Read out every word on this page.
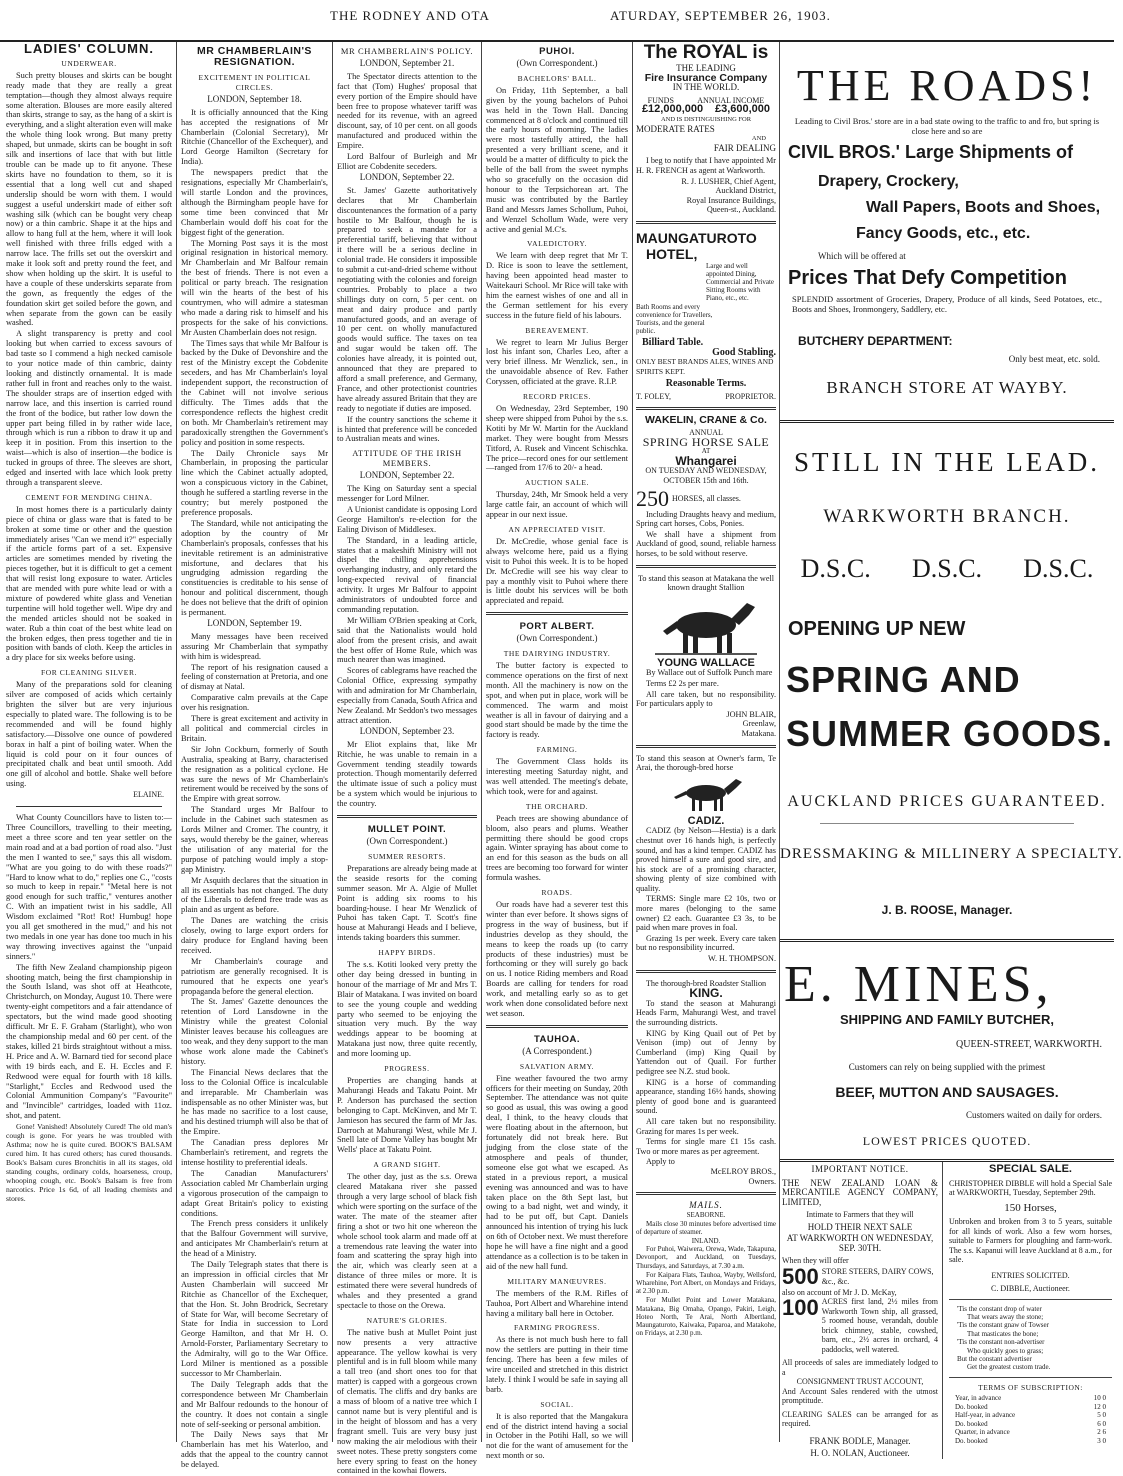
THE RODNEY AND OTA	ATURDAY, SEPTEMBER 26, 1903.
LADIES' COLUMN.
UNDERWEAR.

Such pretty blouses and skirts can be bought ready made that they are really a great temptation—though they almost always require some alteration. Blouses are more easily altered than skirts, strange to say, as the hang of a skirt is everything, and a slight alteration even will make the whole thing look wrong. But many pretty shaped, but unmade, skirts can be bought in soft silk and insertions of lace that with but little trouble can be made up to fit anyone. These skirts have no foundation to them, so it is essential that a long well cut and shaped underslip should be worn with them. I would suggest a useful underskirt made of either soft washing silk (which can be bought very cheap now) or a thin cambric. Shape it at the hips and allow to hang full at the hem, where it will look well finished with three frills edged with a narrow lace. The frills set out the overskirt and make it look soft and pretty round the feet, and show when holding up the skirt. It is useful to have a couple of these underskirts separate from the gown, as frequently the edges of the foundation skirt get soiled before the gown, and when separate from the gown can be easily washed.

A slight transparency is pretty and cool looking but when carried to excess savours of bad taste so I commend a high necked camisole to your notice made of thin cambric, dainty looking and distinctly ornamental. It is made rather full in front and reaches only to the waist. The shoulder straps are of insertion edged with narrow lace, and this insertion is carried round the front of the bodice, but rather low down the upper part being filled in by rather wide lace, through which is run a ribbon to draw it up and keep it in position. From this insertion to the waist—which is also of insertion—the bodice is tucked in groups of three. The sleeves are short, edged and inserted with lace which look pretty through a transparent sleeve.

CEMENT FOR MENDING CHINA.

In most homes there is a particularly dainty piece of china or glass ware that is fated to be broken at some time or other and the question immediately arises "Can we mend it?" especially if the article forms part of a set. Expensive articles are sometimes mended by riveting the pieces together, but it is difficult to get a cement that will resist long exposure to water. Articles that are mended with pure white lead or with a mixture of powdered white glass and Venetian turpentine will hold together well. Wipe dry and the mended articles should not be soaked in water. Rub a thin coat of the best white lead on the broken edges, then press together and tie in position with bands of cloth. Keep the articles in a dry place for six weeks before using.

FOR CLEANING SILVER.

Many of the preparations sold for cleaning silver are composed of acids which certainly brighten the silver but are very injurious especially to plated ware. The following is to be recommended and will be found highly satisfactory.—Dissolve one ounce of powdered borax in half a pint of boiling water. When the liquid is cold pour on it four ounces of precipitated chalk and beat until smooth. Add one gill of alcohol and bottle. Shake well before using.

ELAINE.

What County Councillors have to listen to:—Three Councillors, travelling to their meeting, meet a three score and ten year settler on the main road and at a bad portion of road also. "Just the men I wanted to see," says this all wisdom. "What are you going to do with these roads?" "Hard to know what to do," replies one C., "costs so much to keep in repair." "Metal here is not good enough for such traffic," ventures another C. With an impatient twist in his saddle, All Wisdom exclaimed "Rot! Rot! Humbug! hope you all get smothered in the mud," and his not two medals in one year has done too much in his way throwing invectives against the "unpaid sinners."

The fifth New Zealand championship pigeon shooting match, being the first championship in the South Island, was shot off at Heathcote, Christchurch, on Monday, August 10. There were twenty-eight competitors and a fair attendance of spectators, but the wind made good shooting difficult. Mr E. F. Graham (Starlight), who won the championship medal and 60 per cent. of the stakes, killed 21 birds straightout without a miss. H. Price and A. W. Barnard tied for second place with 19 birds each, and E. H. Eccles and F. Redwood were equal for fourth with 18 kills. "Starlight," Eccles and Redwood used the Colonial Ammunition Company's "Favourite" and "Invincible" cartridges, loaded with 11oz. shot, and patent.

Gone! Vanished! Absolutely Cured! The old man's cough is gone. For years he was troubled with Asthma; now he is quite cured. BOOK'S BALSAM cured him. It has cured others; has cured thousands. Book's Balsam cures Bronchitis in all its stages, old standing coughs, ordinary colds, hoarseness, croup, whooping cough, etc. Book's Balsam is free from narcotics. Price 1s 6d, of all leading chemists and stores.

MR CHAMBERLAIN'S RESIGNATION.
EXCITEMENT IN POLITICAL CIRCLES.
LONDON, September 18.

It is officially announced that the King has accepted the resignations of Mr Chamberlain (Colonial Secretary), Mr Ritchie (Chancellor of the Exchequer), and Lord George Hamilton (Secretary for India).

The newspapers predict that the resignations, especially Mr Chamberlain's, will startle London and the provinces, although the Birmingham people have for some time been convinced that Mr Chamberlain would doff his coat for the biggest fight of the generation.

The Morning Post says it is the most original resignation in historical memory. Mr Chamberlain and Mr Balfour remain the best of friends. There is not even a political or party breach. The resignation will win the hearts of the best of his countrymen, who will admire a statesman who made a daring risk to himself and his prospects for the sake of his convictions. Mr Austen Chamberlain does not resign.

The Times says that while Mr Balfour is backed by the Duke of Devonshire and the rest of the Ministry except the Cobdenite seceders, and has Mr Chamberlain's loyal independent support, the reconstruction of the Cabinet will not involve serious difficulty. The Times adds that the correspondence reflects the highest credit on both. Mr Chamberlain's retirement may paradoxically strengthen the Government's policy and position in some respects.

The Daily Chronicle says Mr Chamberlain, in proposing the particular line which the Cabinet actually adopted, won a conspicuous victory in the Cabinet, though he suffered a startling reverse in the country; but merely postponed the preference proposals.

The Standard, while not anticipating the adoption by the country of Mr Chamberlain's proposals, confesses that his inevitable retirement is an administrative misfortune, and declares that his ungrudging admission regarding the constituencies is creditable to his sense of honour and political discernment, though he does not believe that the drift of opinion is permanent.

LONDON, September 19.

Many messages have been received assuring Mr Chamberlain that sympathy with him is widespread.

The report of his resignation caused a feeling of consternation at Pretoria, and one of dismay at Natal.

Comparative calm prevails at the Cape over his resignation.

There is great excitement and activity in all political and commercial circles in Britain.

Sir John Cockburn, formerly of South Australia, speaking at Barry, characterised the resignation as a political cyclone. He was sure the news of Mr Chamberlain's retirement would be received by the sons of the Empire with great sorrow.

The Standard urges Mr Balfour to include in the Cabinet such statesmen as Lords Milner and Cromer. The country, it says, would thereby be the gainer, whereas the utilisation of any material for the purpose of patching would imply a stop-gap Ministry.

Mr Asquith declares that the situation in all its essentials has not changed. The duty of the Liberals to defend free trade was as plain and as urgent as before.

The Danes are watching the crisis closely, owing to large export orders for dairy produce for England having been received.

Mr Chamberlain's courage and patriotism are generally recognised. It is rumoured that he expects one year's propaganda before the general election.

The St. James' Gazette denounces the retention of Lord Lansdowne in the Ministry while the greatest Colonial Minister leaves because his colleagues are too weak, and they deny support to the man whose work alone made the Cabinet's history.

The Financial News declares that the loss to the Colonial Office is incalculable and irreparable. Mr Chamberlain was indispensable as no other Minister was, but he has made no sacrifice to a lost cause, and his destined triumph will also be that of the Empire.

The Canadian press deplores Mr Chamberlain's retirement, and regrets the intense hostility to preferential ideals.

The Canadian Manufacturers' Association cabled Mr Chamberlain urging a vigorous prosecution of the campaign to adapt Great Britain's policy to existing conditions.

The French press considers it unlikely that the Balfour Government will survive, and anticipates Mr Chamberlain's return at the head of a Ministry.

The Daily Telegraph states that there is an impression in official circles that Mr Austen Chamberlain will succeed Mr Ritchie as Chancellor of the Exchequer, that the Hon. St. John Brodrick, Secretary of State for War, will become Secretary of State for India in succession to Lord George Hamilton, and that Mr H. O. Arnold-Forster, Parliamentary Secretary to the Admiralty, will go to the War Office. Lord Milner is mentioned as a possible successor to Mr Chamberlain.

The Daily Telegraph adds that the correspondence between Mr Chamberlain and Mr Balfour redounds to the honour of the country. It does not contain a single note of self-seeking or personal ambition.

The Daily News says that Mr Chamberlain has met his Waterloo, and adds that the appeal to the country cannot be delayed.

MR CHAMBERLAIN'S POLICY.
LONDON, September 21.

The Spectator directs attention to the fact that (Tom) Hughes' proposal that every portion of the Empire should have been free to propose whatever tariff was needed for its revenue, with an agreed discount, say, of 10 per cent. on all goods manufactured and produced within the Empire.

Lord Balfour of Burleigh and Mr Elliot are Cobdenite seceders.

LONDON, September 22.

St. James' Gazette authoritatively declares that Mr Chamberlain discountenances the formation of a party hostile to Mr Balfour, though he is prepared to seek a mandate for a preferential tariff, believing that without it there will be a serious decline in colonial trade. He considers it impossible to submit a cut-and-dried scheme without negotiating with the colonies and foreign countries. Probably to place a two shillings duty on corn, 5 per cent. on meat and dairy produce and partly manufactured goods, and an average of 10 per cent. on wholly manufactured goods would suffice. The taxes on tea and sugar would be taken off. The colonies have already, it is pointed out, announced that they are prepared to afford a small preference, and Germany, France, and other protectionist countries have already assured Britain that they are ready to negotiate if duties are imposed.

If the country sanctions the scheme it is hinted that preference will be conceded to Australian meats and wines.

ATTITUDE OF THE IRISH MEMBERS.
LONDON, September 22.

The King on Saturday sent a special messenger for Lord Milner.

A Unionist candidate is opposing Lord George Hamilton's re-election for the Ealing Divison of Middlesex.

The Standard, in a leading article, states that a makeshift Ministry will not dispel the chilling apprehensions overhanging industry, and only retard the long-expected revival of financial activity. It urges Mr Balfour to appoint administrators of undoubted force and commanding reputation.

Mr William O'Brien speaking at Cork, said that the Nationalists would hold aloof from the present crisis, and await the best offer of Home Rule, which was much nearer than was imagined.

Scores of cablegrams have reached the Colonial Office, expressing sympathy with and admiration for Mr Chamberlain, especially from Canada, South Africa and New Zealand. Mr Seddon's two messages attract attention.

LONDON, September 23.

Mr Eliot explains that, like Mr Ritchie, he was unable to remain in a Government tending steadily towards protection. Though momentarily deferred the ultimate issue of such a policy must be a system which would be injurious to the country.

MULLET POINT.
(Own Correspondent.)
SUMMER RESORTS.

Preparations are already being made at the seaside resorts for the coming summer season. Mr A. Algie of Mullet Point is adding six rooms to his boarding-house. I hear Mr Wenzlick of Puhoi has taken Capt. T. Scott's fine house at Mahurangi Heads and I believe, intends taking boarders this summer.

HAPPY BIRDS.

The s.s. Kotiti looked very pretty the other day being dressed in bunting in honour of the marriage of Mr and Mrs T. Blair of Matakana. I was invited on board to see the young couple and wedding party who seemed to be enjoying the situation very much. By the way weddings appear to be booming at Matakana just now, three quite recently, and more looming up.

PROGRESS.

Properties are changing hands at Mahurangi Heads and Takatu Point. Mr P. Anderson has purchased the section belonging to Capt. McKinven, and Mr T. Jamieson has secured the farm of Mr Jas. Darroch at Mahurangi West, while Mr J. Snell late of Dome Valley has bought Mr Wells' place at Takatu Point.

A GRAND SIGHT.

The other day, just as the s.s. Orewa cleared Matakana river she passed through a very large school of black fish which were sporting on the surface of the water. The mate of the steamer after firing a shot or two hit one whereon the whole school took alarm and made off at a tremendous rate leaving the water into foam and scattering the spray high into the air, which was clearly seen at a distance of three miles or more. It is estimated there were several hundreds of whales and they presented a grand spectacle to those on the Orewa.

NATURE'S GLORIES.

The native bush at Mullet Point just now presents a very attractive appearance. The yellow kowhai is very plentiful and is in full bloom while many a tall treo (and short ones too for that matter) is capped with a gorgeous crown of clematis. The cliffs and dry banks are a mass of bloom of a native tree which I cannot name but is very plentiful and is in the height of blossom and has a very fragrant smell. Tuis are very busy just now making the air melodious with their sweet notes. These pretty songsters come here every spring to feast on the honey contained in the kowhai flowers.

PUHOI.
(Own Correspondent.)
BACHELORS' BALL.

On Friday, 11th September, a ball given by the young bachelors of Puhoi was held in the Town Hall. Dancing commenced at 8 o'clock and continued till the early hours of morning. The ladies were most tastefully attired, the hall presented a very brilliant scene, and it would be a matter of difficulty to pick the belle of the ball from the sweet nymphs who so gracefully on the occasion did honour to the Terpsichorean art. The music was contributed by the Bartley Band and Messrs James Schollum, Puhoi, and Wenzel Schollum Wade, were very active and genial M.C's.

VALEDICTORY.

We learn with deep regret that Mr T. D. Rice is soon to leave the settlement, having been appointed head master to Waitekauri School. Mr Rice will take with him the earnest wishes of one and all in the German settlement for his every success in the future field of his labours.

BEREAVEMENT.

We regret to learn Mr Julius Berger lost his infant son, Charles Leo, after a very brief illness. Mr Wenzlick, sen., in the unavoidable absence of Rev. Father Coryssen, officiated at the grave. R.I.P.

RECORD PRICES.

On Wednesday, 23rd September, 190 sheep were shipped from Puhoi by the s.s. Kotiti by Mr W. Martin for the Auckland market. They were bought from Messrs Titford, A. Rusek and Vincent Schischka. The price—record ones for our settlement—ranged from 17/6 to 20/- a head.

AUCTION SALE.

Thursday, 24th, Mr Smook held a very large cattle fair, an account of which will appear in our next issue.

AN APPRECIATED VISIT.

Dr. McCredie, whose genial face is always welcome here, paid us a flying visit to Puhoi this week. It is to be hoped Dr. McCredie will see his way clear to pay a monthly visit to Puhoi where there is little doubt his services will be both appreciated and repaid.

PORT ALBERT.
(Own Correspondent.)
THE DAIRYING INDUSTRY.

The butter factory is expected to commence operations on the first of next month. All the machinery is now on the spot, and when put in place, work will be commenced. The warm and moist weather is all in favour of dairying and a good start should be made by the time the factory is ready.

FARMING.

The Government Class holds its interesting meeting Saturday night, and was well attended. The meeting's debate, which took, were for and against.

THE ORCHARD.

Peach trees are showing abundance of bloom, also pears and plums. Weather permitting there should be good crops again. Winter spraying has about come to an end for this season as the buds on all trees are becoming too forward for winter formula washes.

ROADS.

Our roads have had a severer test this winter than ever before. It shows signs of progress in the way of business, but if industries develop as they should, the means to keep the roads up (to carry products of these industries) must be forthcoming or they will surely go back on us. I notice Riding members and Road Boards are calling for tenders for road work, and metalling early so as to get work when done consolidated before next wet season.

TAUHOA.
(A Correspondent.)
SALVATION ARMY.

Fine weather favoured the two army officers for their meeting on Sunday, 20th September. The attendance was not quite so good as usual, this was owing a good deal, I think, to the heavy clouds that were floating about in the afternoon, but fortunately did not break here. But judging from the close state of the atmosphere and peals of thunder, someone else got what we escaped. As stated in a previous report, a musical evening was announced and was to have taken place on the 8th Sept last, but owing to a bad night, wet and windy, it had to be put off, but Capt. Daniels announced his intention of trying his luck on 6th of October next. We must therefore hope he will have a fine night and a good attendance as a collection is to be taken in aid of the new hall fund.

MILITARY MANŒUVRES.

The members of the R.M. Rifles of Tauhoa, Port Albert and Wharehine intend having a military ball here in October.

FARMING PROGRESS.

As there is not much bush here to fall now the settlers are putting in their time fencing. There has been a few miles of wire unceiled and stretched in this district lately. I think I would be safe in saying all barb.

SOCIAL.

It is also reported that the Mangakura end of the district intend having a social in October in the Potihi Hall, so we will not die for the want of amusement for the next month or so.

The ROYAL is
THE LEADING
Fire Insurance Company
IN THE WORLD.
FUNDS	ANNUAL INCOME
£12,000,000 £3,600,000
AND IS DISTINGUISHING FOR
MODERATE RATES
AND
FAIR DEALING

I beg to notify that I have appointed Mr H. R. FRENCH as agent at Warkworth.

R. J. LUSHER, Chief Agent,
Auckland District,
Royal Insurance Buildings,
Queen-st., Auckland.
MAUNGATUROTO
HOTEL,

Large and well appointed Dining, Commercial and Private Sitting Rooms with Piano, etc., etc.

Bath Rooms and every convenience for Travellers, Tourists, and the general public.

Billiard Table.
Good Stabling.
ONLY BEST BRANDS ALES, WINES AND SPIRITS KEPT.
Reasonable Terms.
T. FOLEY,	PROPRIETOR.
WAKELIN, CRANE & Co.
ANNUAL
SPRING HORSE SALE
AT
Whangarei
ON TUESDAY AND WEDNESDAY, OCTOBER 15th and 16th.
250 HORSES, all classes.

Including Draughts heavy and medium, Spring cart horses, Cobs, Ponies.

We shall have a shipment from Auckland of good, sound, reliable harness horses, to be sold without reserve.

To stand this season at Matakana the well known draught Stallion

YOUNG WALLACE

By Wallace out of Suffolk Punch mare

Terms £2 2s per mare.

All care taken, but no responsibility. For particulars apply to

JOHN BLAIR,
Greenlaw,
Matakana.

To stand this season at Owner's farm, Te Arai, the thorough-bred horse

CADIZ.

CADIZ (by Nelson—Hestia) is a dark chestnut over 16 hands high, is perfectly sound, and has a kind temper. CADIZ has proved himself a sure and good sire, and his stock are of a promising character, showing plenty of size combined with quality.

TERMS: Single mare £2 10s, two or more mares (belonging to the same owner) £2 each. Guarantee £3 3s, to be paid when mare proves in foal.

Grazing 1s per week. Every care taken but no responsibility incurred.

W. H. THOMPSON.

The thorough-bred Roadster Stallion

KING.

To stand the season at Mahurangi Heads Farm, Mahurangi West, and travel the surrounding districts.

KING by King Quail out of Pet by Venison (imp) out of Jenny by Cumberland (imp) King Quail by Yattendon out of Quail. For further pedigree see N.Z. stud book.

KING is a horse of commanding appearance, standing 16½ hands, showing plenty of good bone and is guaranteed sound.

All care taken but no responsibility. Grazing for mares 1s per week.

Terms for single mare £1 15s cash. Two or more mares as per agreement.

Apply to
McELROY BROS.,
Owners.
MAILS.
SEABORNE.

Mails close 30 minutes before advertised time of departure of steamer.

INLAND.

For Puhoi, Waiwera, Orewa, Wade, Takapuna, Devonport, and Auckland, on Tuesdays, Thursdays, and Saturdays, at 7.30 a.m.

For Kaipara Flats, Tauhoa, Wayby, Wellsford, Wharehine, Port Albert, on Mondays and Fridays, at 2.30 p.m.

For Mullet Point and Lower Matakana, Matakana, Big Omaha, Opango, Pakiri, Leigh, Hoteo North, Te Arai, North Albertland, Maungaturoto, Kaiwaka, Paparoa, and Matakohe, on Fridays, at 2.30 p.m.

THE ROADS!
Leading to Civil Bros.' store are in a bad state owing to the traffic to and fro, but spring is close here and so are
CIVIL BROS.' Large Shipments of
Drapery, Crockery,
Wall Papers, Boots and Shoes,
Fancy Goods, etc., etc.
Which will be offered at
Prices That Defy Competition
SPLENDID assortment of Groceries, Drapery, Produce of all kinds, Seed Potatoes, etc., Boots and Shoes, Ironmongery, Saddlery, etc.
BUTCHERY DEPARTMENT:
Only best meat, etc. sold.
BRANCH STORE AT WAYBY.
STILL IN THE LEAD.
WARKWORTH BRANCH.
D.S.C. D.S.C. D.S.C.
OPENING UP NEW
SPRING AND
SUMMER GOODS.
AUCKLAND PRICES GUARANTEED.
DRESSMAKING & MILLINERY A SPECIALTY.
J. B. ROOSE, Manager.
E. MINES,
SHIPPING AND FAMILY BUTCHER,
QUEEN-STREET, WARKWORTH.
Customers can rely on being supplied with the primest
BEEF, MUTTON AND SAUSAGES.
Customers waited on daily for orders.
LOWEST PRICES QUOTED.
IMPORTANT NOTICE.
THE NEW ZEALAND LOAN & MERCANTILE AGENCY COMPANY, LIMITED,
Intimate to Farmers that they will
HOLD THEIR NEXT SALE
AT WARKWORTH ON WEDNESDAY, SEP. 30TH.
When they will offer
500 STORE STEERS, DAIRY COWS, &c., &c.
also on account of Mr J. D. McKay,
100 ACRES first land, 2½ miles from Warkworth Town ship, all grassed, 5 roomed house, verandah, double brick chimney, stable, cowshed, barn, etc., 2½ acres in orchard, 4 paddocks, well watered.
All proceeds of sales are immediately lodged to a
CONSIGNMENT TRUST ACCOUNT,
And Account Sales rendered with the utmost promptitude.
CLEARING SALES can be arranged for as required.
FRANK BODLE, Manager.
H. O. NOLAN, Auctioneer.
SPECIAL SALE.
CHRISTOPHER DIBBLE will hold a Special Sale at WARKWORTH, Tuesday, September 29th.
150 Horses,
Unbroken and broken from 3 to 5 years, suitable for all kinds of work. Also a few worn horses, suitable to Farmers for ploughing and farm-work. The s.s. Kapanui will leave Auckland at 8 a.m., for sale.
ENTRIES SOLICITED.
C. DIBBLE, Auctioneer.
'Tis the constant drop of water
That wears away the stone;
'Tis the constant gnaw of Towser
That masticates the bone;
'Tis the constant non-advertiser
Who quickly goes to grass;
But the constant advertiser
Get the greatest custom trade.
TERMS OF SUBSCRIPTION:
Year, in advance	10 0
Do. booked	12 0
Half-year, in advance	5 0
Do. booked	6 0
Quarter, in advance	2 6
Do. booked	3 0
